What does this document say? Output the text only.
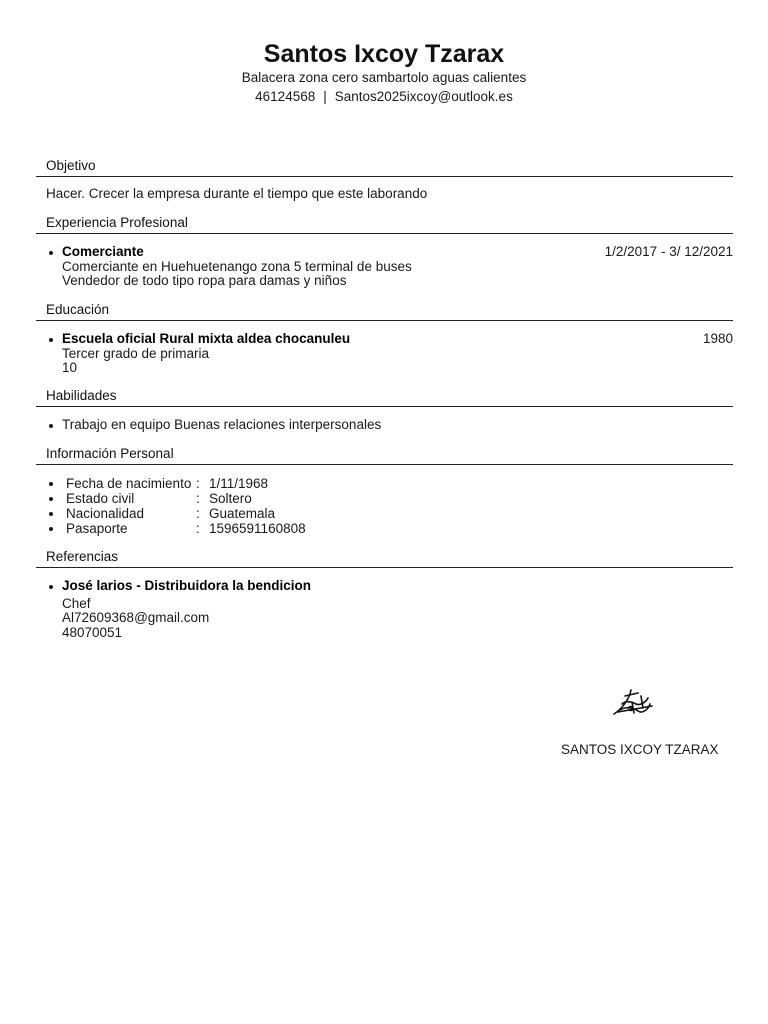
Santos Ixcoy Tzarax
Balacera zona cero sambartolo aguas calientes
46124568 | Santos2025ixcoy@outlook.es
Objetivo
Hacer. Crecer la empresa durante el tiempo que este laborando
Experiencia Profesional
Comerciante	1/2/2017 - 3/ 12/2021
Comerciante en Huehuetenango zona 5 terminal de buses
Vendedor de todo tipo ropa para damas y niños
Educación
Escuela oficial Rural mixta aldea chocanuleu	1980
Tercer grado de primaria
10
Habilidades
Trabajo en equipo Buenas relaciones interpersonales
Información Personal
	Fecha de nacimiento	:	1/11/1968

	Estado civil	:	Soltero

	Nacionalidad	:	Guatemala

	Pasaporte	:	1596591160808
Referencias
José larios - Distribuidora la bendicion
Chef
Al72609368@gmail.com
48070051
SANTOS IXCOY TZARAX
